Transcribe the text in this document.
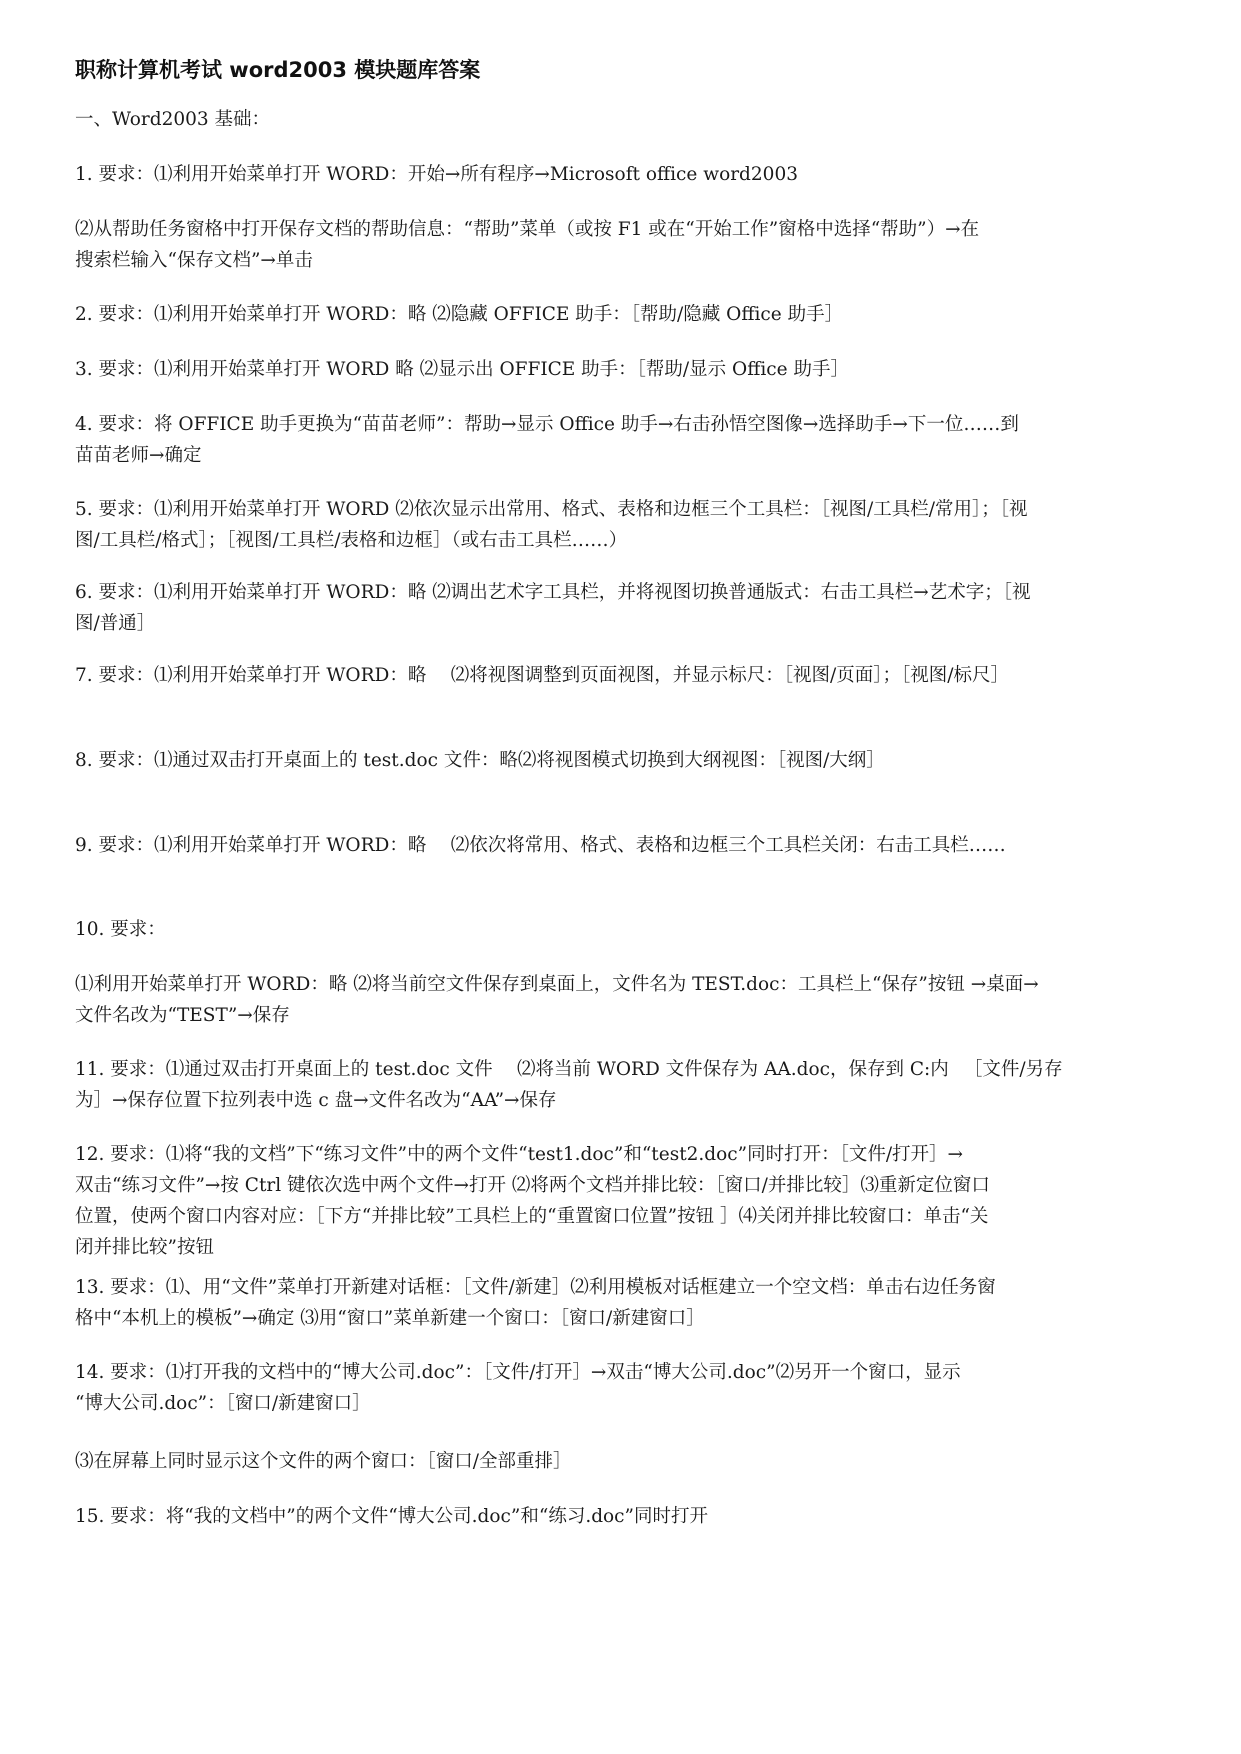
职称计算机考试 word2003 模块题库答案

一、Word2003 基础：

1. 要求：⑴利用开始菜单打开 WORD：开始→所有程序→Microsoft office word2003

⑵从帮助任务窗格中打开保存文档的帮助信息：“帮助”菜单（或按 F1 或在“开始工作”窗格中选择“帮助”）→在
搜索栏输入“保存文档”→单击

2. 要求：⑴利用开始菜单打开 WORD：略 ⑵隐藏 OFFICE 助手：［帮助/隐藏 Office 助手］

3. 要求：⑴利用开始菜单打开 WORD 略 ⑵显示出 OFFICE 助手：［帮助/显示 Office 助手］

4. 要求：将 OFFICE 助手更换为“苗苗老师”：帮助→显示 Office 助手→右击孙悟空图像→选择助手→下一位……到
苗苗老师→确定

5. 要求：⑴利用开始菜单打开 WORD ⑵依次显示出常用、格式、表格和边框三个工具栏：［视图/工具栏/常用］；［视
图/工具栏/格式］；［视图/工具栏/表格和边框］（或右击工具栏……）

6. 要求：⑴利用开始菜单打开 WORD：略 ⑵调出艺术字工具栏，并将视图切换普通版式：右击工具栏→艺术字；［视
图/普通］

7. 要求：⑴利用开始菜单打开 WORD：略 　⑵将视图调整到页面视图，并显示标尺：［视图/页面］；［视图/标尺］

8. 要求：⑴通过双击打开桌面上的 test.doc 文件：略⑵将视图模式切换到大纲视图：［视图/大纲］

9. 要求：⑴利用开始菜单打开 WORD：略 　⑵依次将常用、格式、表格和边框三个工具栏关闭：右击工具栏……

10. 要求：

⑴利用开始菜单打开 WORD：略 ⑵将当前空文件保存到桌面上，文件名为 TEST.doc：工具栏上“保存”按钮 →桌面→
文件名改为“TEST”→保存

11. 要求：⑴通过双击打开桌面上的 test.doc 文件 　⑵将当前 WORD 文件保存为 AA.doc，保存到 C:内 　［文件/另存
为］→保存位置下拉列表中选 c 盘→文件名改为“AA”→保存

12. 要求：⑴将“我的文档”下“练习文件”中的两个文件“test1.doc”和“test2.doc”同时打开：［文件/打开］→
双击“练习文件”→按 Ctrl 键依次选中两个文件→打开 ⑵将两个文档并排比较：［窗口/并排比较］⑶重新定位窗口
位置，使两个窗口内容对应：［下方“并排比较”工具栏上的“重置窗口位置”按钮 ］⑷关闭并排比较窗口：单击“关
闭并排比较”按钮

13. 要求：⑴、用“文件”菜单打开新建对话框：［文件/新建］⑵利用模板对话框建立一个空文档：单击右边任务窗
格中“本机上的模板”→确定 ⑶用“窗口”菜单新建一个窗口：［窗口/新建窗口］

14. 要求：⑴打开我的文档中的“博大公司.doc”：［文件/打开］→双击“博大公司.doc”⑵另开一个窗口，显示
“博大公司.doc”：［窗口/新建窗口］

⑶在屏幕上同时显示这个文件的两个窗口：［窗口/全部重排］

15. 要求：将“我的文档中”的两个文件“博大公司.doc”和“练习.doc”同时打开
